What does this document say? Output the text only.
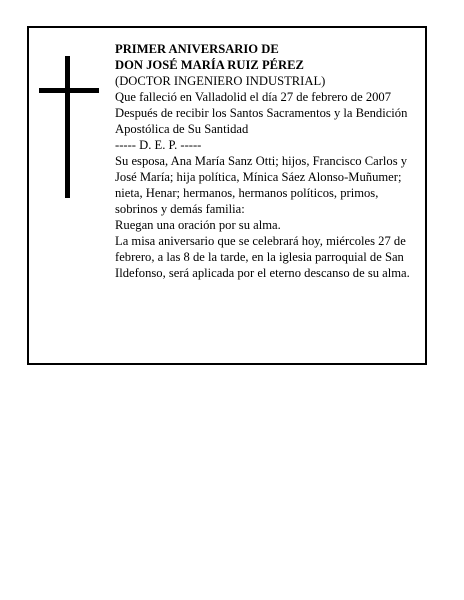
PRIMER ANIVERSARIO DE

DON JOSÉ MARÍA RUIZ PÉREZ

(DOCTOR INGENIERO INDUSTRIAL)

Que falleció en Valladolid el día 27 de febrero de 2007

Después de recibir los Santos Sacramentos y la Bendición Apostólica de Su Santidad

----- D. E. P. -----

Su esposa, Ana María Sanz Otti; hijos, Francisco Carlos y José María; hija política, Mínica Sáez Alonso-Muñumer; nieta, Henar; hermanos, hermanos políticos, primos, sobrinos y demás familia:

Ruegan una oración por su alma.

La misa aniversario que se celebrará hoy, miércoles 27 de febrero, a las 8 de la tarde, en la iglesia parroquial de San Ildefonso, será aplicada por el eterno descanso de su alma.
